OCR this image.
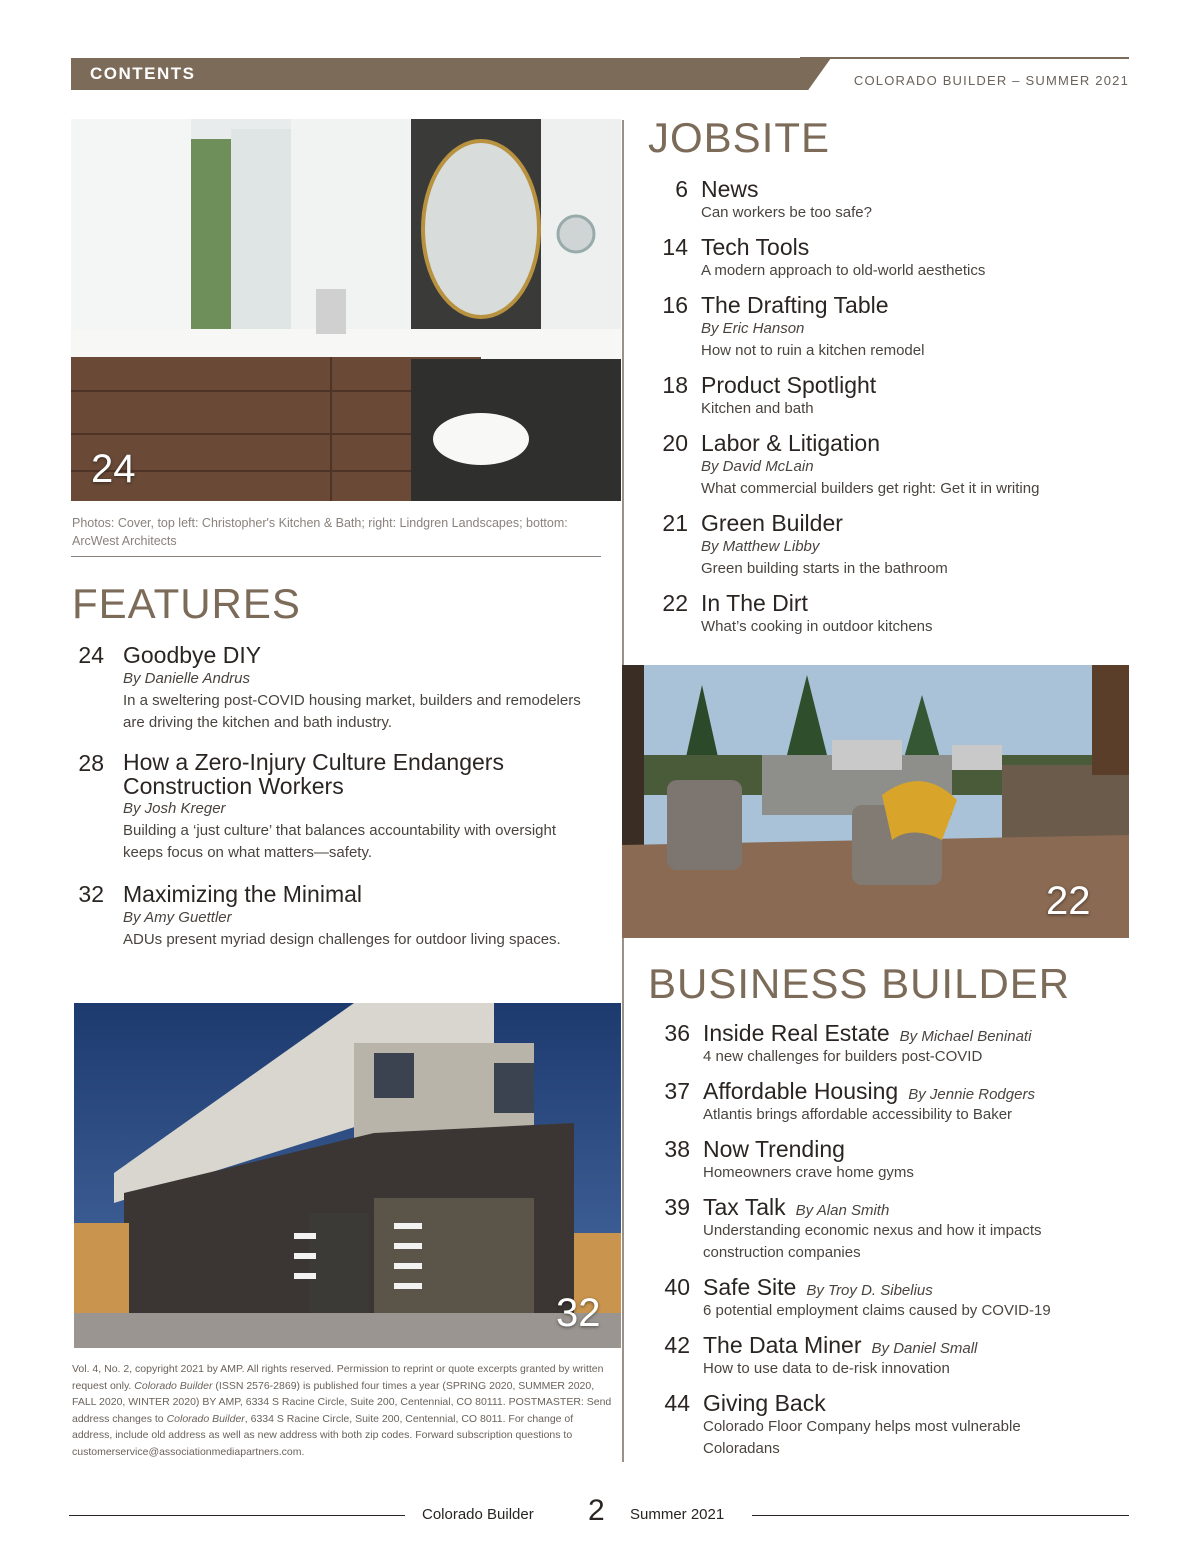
CONTENTS	COLORADO BUILDER – SUMMER 2021
24
Photos: Cover, top left: Christopher's Kitchen & Bath; right: Lindgren Landscapes; bottom: ArcWest Architects
FEATURES
24 Goodbye DIY
By Danielle Andrus
In a sweltering post-COVID housing market, builders and remodelers are driving the kitchen and bath industry.
28 How a Zero-Injury Culture Endangers Construction Workers
By Josh Kreger
Building a ‘just culture’ that balances accountability with oversight keeps focus on what matters—safety.
32 Maximizing the Minimal
By Amy Guettler
ADUs present myriad design challenges for outdoor living spaces.
32
Vol. 4, No. 2, copyright 2021 by AMP. All rights reserved. Permission to reprint or quote excerpts granted by written request only. Colorado Builder (ISSN 2576-2869) is published four times a year (SPRING 2020, SUMMER 2020, FALL 2020, WINTER 2020) BY AMP, 6334 S Racine Circle, Suite 200, Centennial, CO 80111. POSTMASTER: Send address changes to Colorado Builder, 6334 S Racine Circle, Suite 200, Centennial, CO 8011. For change of address, include old address as well as new address with both zip codes. Forward subscription questions to customerservice@associationmediapartners.com.
JOBSITE
6 News
Can workers be too safe?
14 Tech Tools
A modern approach to old-world aesthetics
16 The Drafting Table
By Eric Hanson
How not to ruin a kitchen remodel
18 Product Spotlight
Kitchen and bath
20 Labor & Litigation
By David McLain
What commercial builders get right: Get it in writing
21 Green Builder
By Matthew Libby
Green building starts in the bathroom
22 In The Dirt
What’s cooking in outdoor kitchens
22
BUSINESS BUILDER
36 Inside Real Estate By Michael Beninati
4 new challenges for builders post-COVID
37 Affordable Housing By Jennie Rodgers
Atlantis brings affordable accessibility to Baker
38 Now Trending
Homeowners crave home gyms
39 Tax Talk By Alan Smith
Understanding economic nexus and how it impacts construction companies
40 Safe Site By Troy D. Sibelius
6 potential employment claims caused by COVID-19
42 The Data Miner By Daniel Small
How to use data to de-risk innovation
44 Giving Back
Colorado Floor Company helps most vulnerable Coloradans
Colorado Builder 2 Summer 2021
